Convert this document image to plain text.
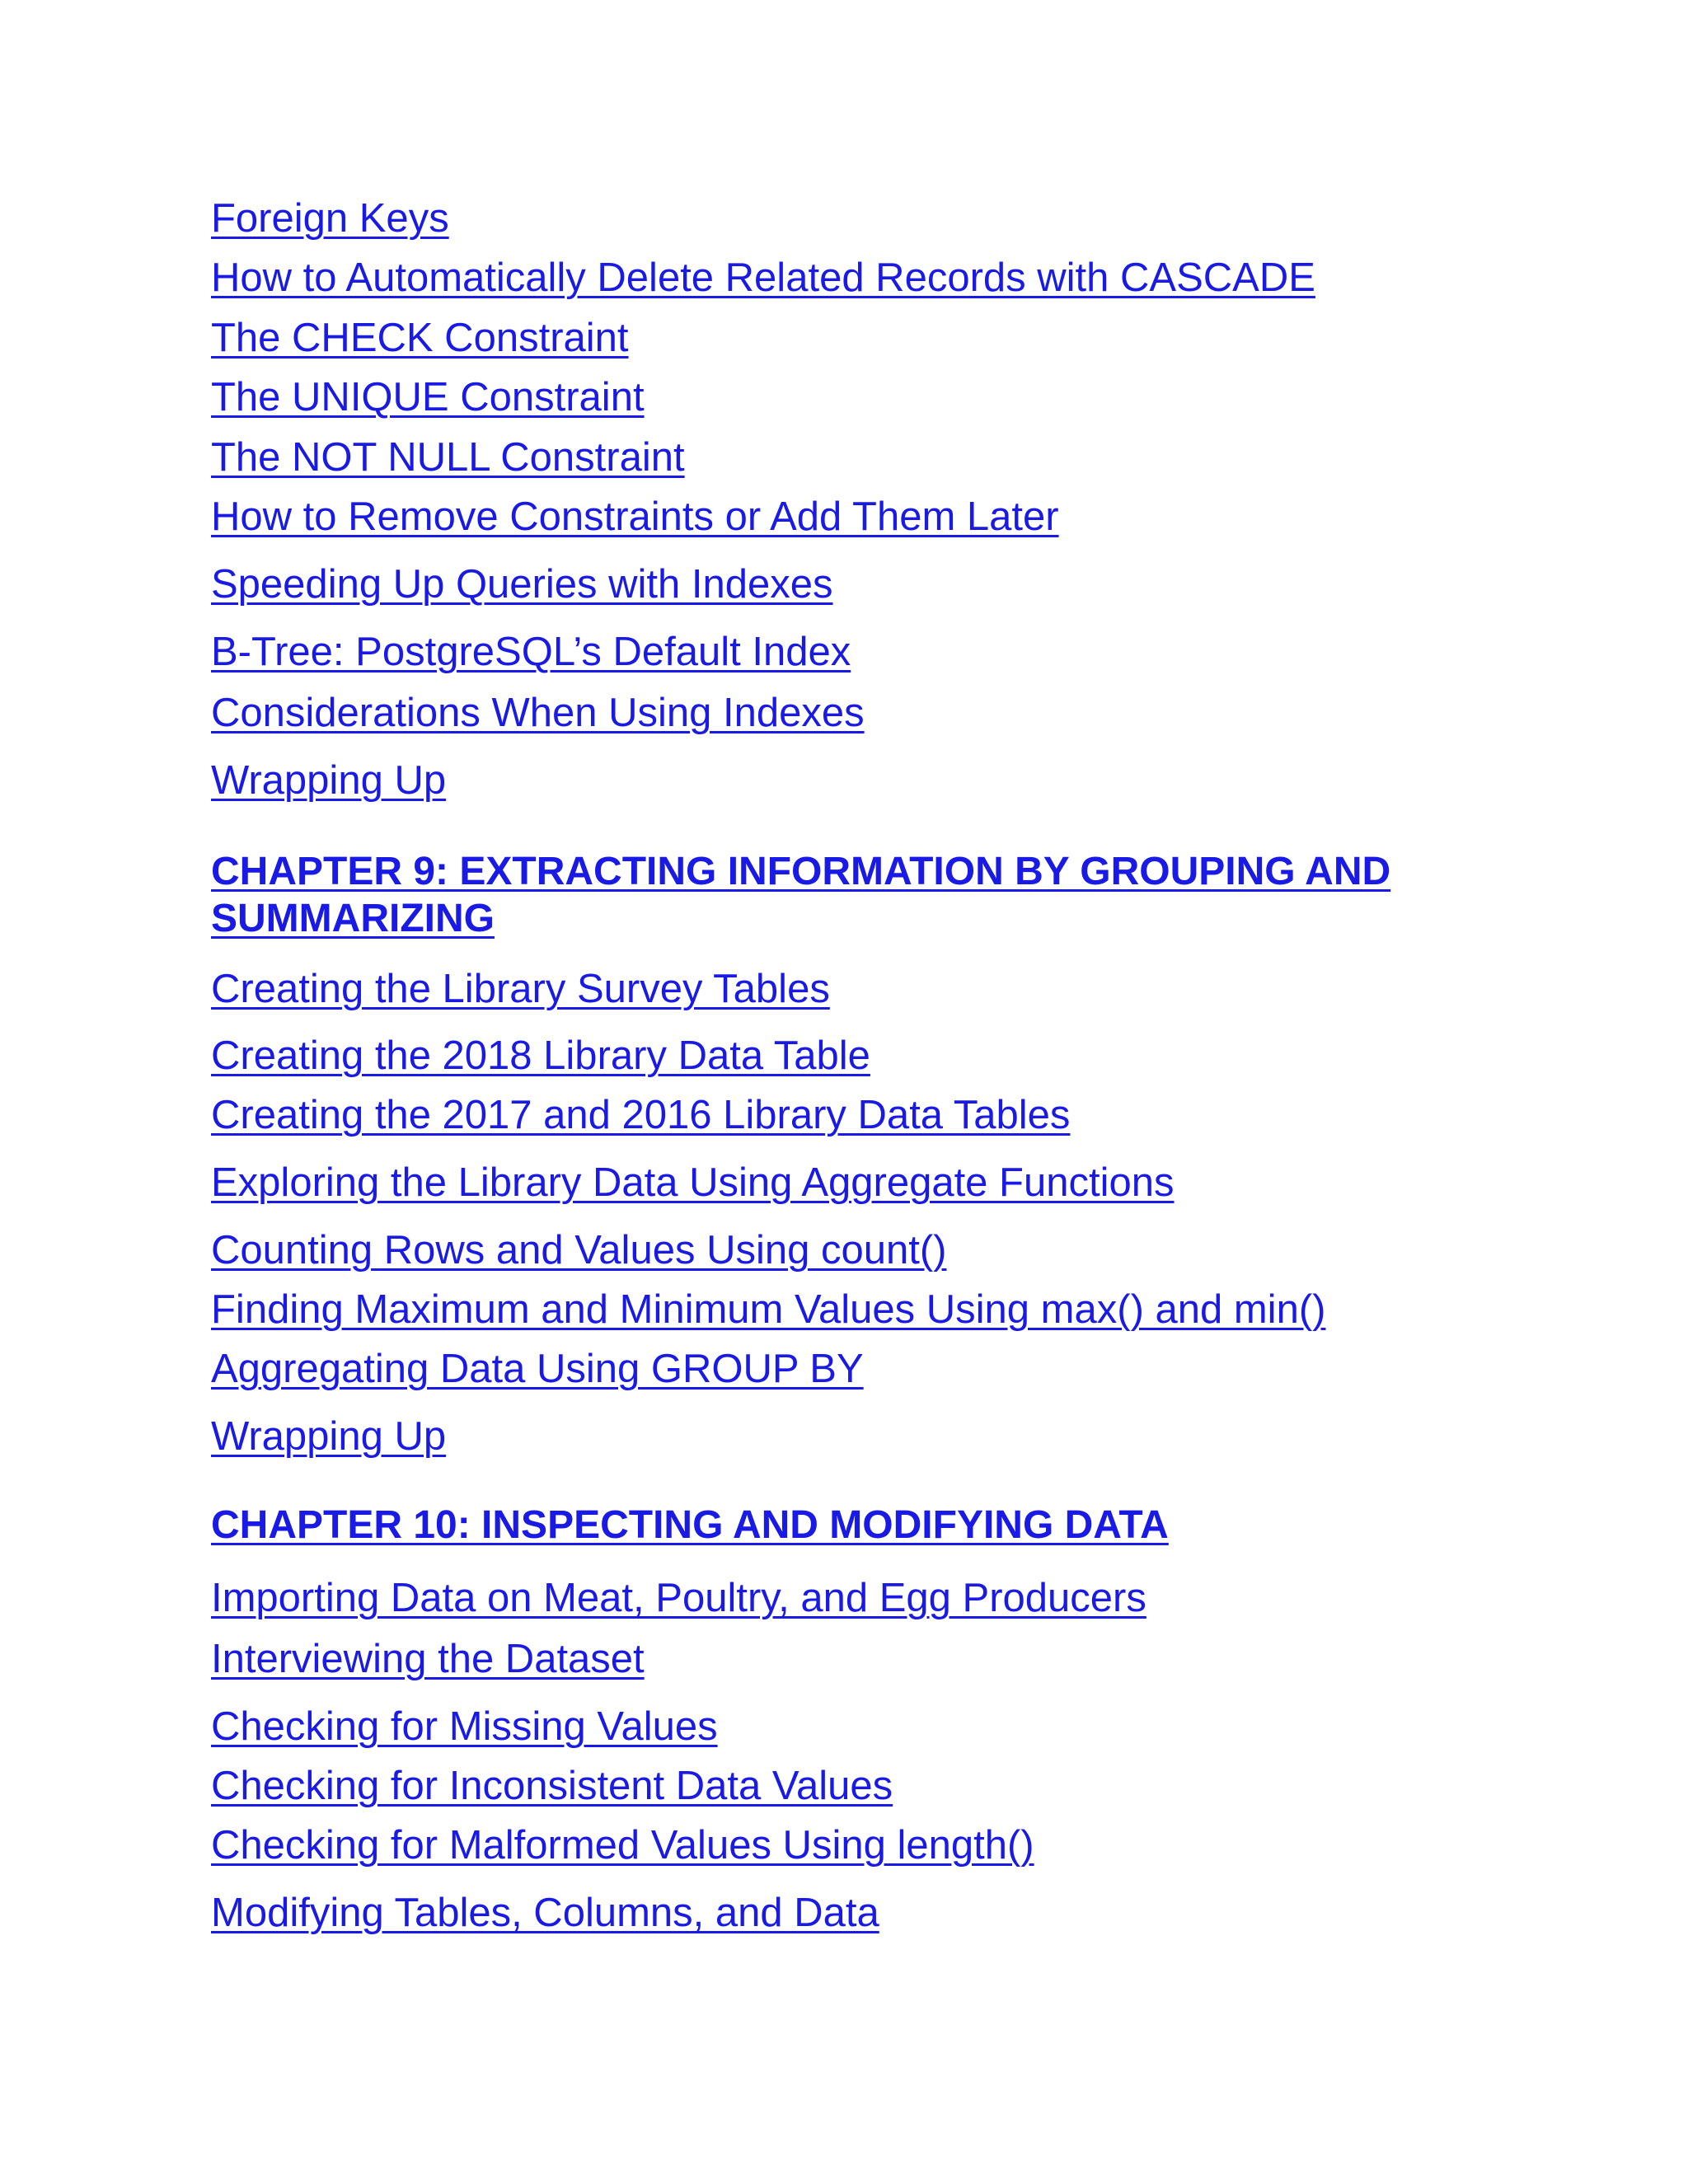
Foreign Keys
How to Automatically Delete Related Records with CASCADE
The CHECK Constraint
The UNIQUE Constraint
The NOT NULL Constraint
How to Remove Constraints or Add Them Later
Speeding Up Queries with Indexes
B-Tree: PostgreSQL’s Default Index
Considerations When Using Indexes
Wrapping Up
CHAPTER 9: EXTRACTING INFORMATION BY GROUPING AND SUMMARIZING
Creating the Library Survey Tables
Creating the 2018 Library Data Table
Creating the 2017 and 2016 Library Data Tables
Exploring the Library Data Using Aggregate Functions
Counting Rows and Values Using count()
Finding Maximum and Minimum Values Using max() and min()
Aggregating Data Using GROUP BY
Wrapping Up
CHAPTER 10: INSPECTING AND MODIFYING DATA
Importing Data on Meat, Poultry, and Egg Producers
Interviewing the Dataset
Checking for Missing Values
Checking for Inconsistent Data Values
Checking for Malformed Values Using length()
Modifying Tables, Columns, and Data
